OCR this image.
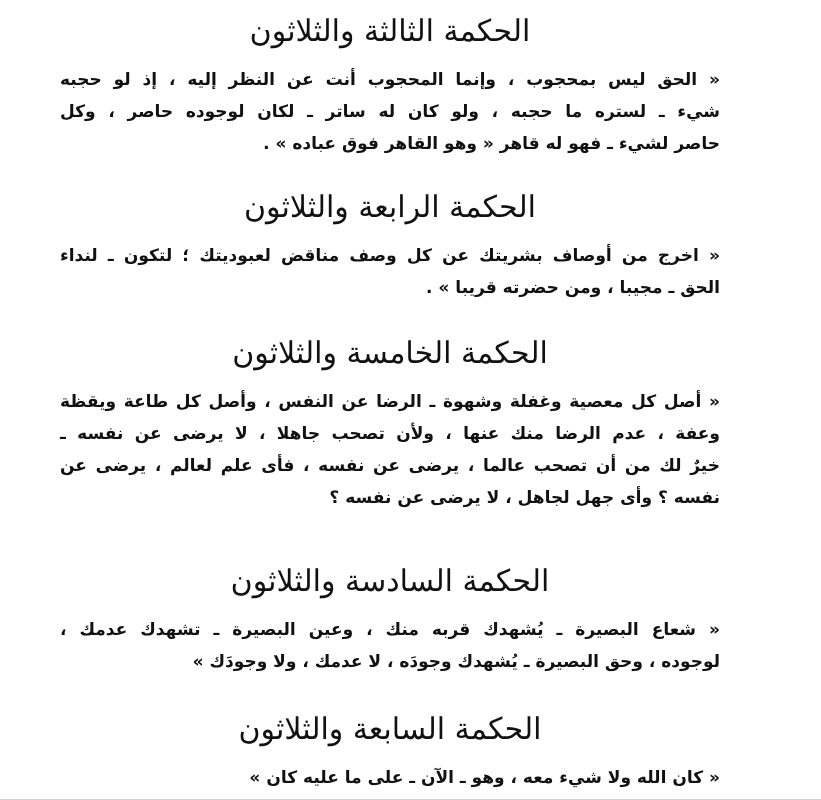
الحكمة الثالثة والثلاثون
« الحق ليس بمحجوب ، وإنما المحجوب أنت عن النظر إليه ، إذ لو حجبه
شيء ـ لستره ما حجبه ، ولو كان له ساتر ـ لكان لوجوده حاصر ، وكل
حاصر لشيء ـ فهو له قاهر « وهو القاهر فوق عباده » .
الحكمة الرابعة والثلاثون
« اخرج من أوصاف بشريتك عن كل وصف مناقض لعبوديتك ؛ لتكون ـ لنداء
الحق ـ مجيبا ، ومن حضرته قريبا » .
الحكمة الخامسة والثلاثون
« أصل كل معصية وغفلة وشهوة ـ الرضا عن النفس ، وأصل كل طاعة ويقظة
وعفة ، عدم الرضا منك عنها ، ولأن تصحب جاهلا ، لا يرضى عن نفسه ـ
خيرٌ لك من أن تصحب عالما ، يرضى عن نفسه ، فأى علم لعالم ، يرضى عن
نفسه ؟ وأى جهل لجاهل ، لا يرضى عن نفسه ؟
الحكمة السادسة والثلاثون
« شعاع البصيرة ـ يُشهدك قربه منك ، وعين البصيرة ـ تشهدك عدمك ،
لوجوده ، وحق البصيرة ـ يُشهدك وجودَه ، لا عدمك ، ولا وجودَك »
الحكمة السابعة والثلاثون
« كان الله ولا شيء معه ، وهو ـ الآن ـ على ما عليه كان »
